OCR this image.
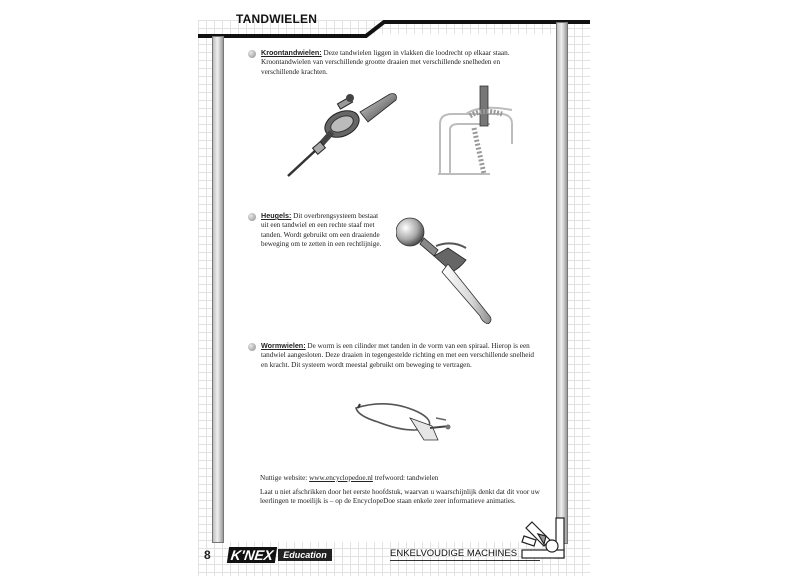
TANDWIELEN
Kroontandwielen: Deze tandwielen liggen in vlakken die loodrecht op elkaar staan. Kroontandwielen van verschillende grootte draaien met verschillende snelheden en verschillende krachten.
Heugels: Dit overbrengsysteem bestaat uit een tandwiel en een rechte staaf met tanden. Wordt gebruikt om een draaiende beweging om te zetten in een rechtlijnige.
Wormwielen: De worm is een cilinder met tanden in de vorm van een spiraal. Hierop is een tandwiel aangesloten. Deze draaien in tegengestelde richting en met een verschillende snelheid en kracht. Dit systeem wordt meestal gebruikt om beweging te vertragen.
Nuttige website: www.encyclopedoe.nl trefwoord: tandwielen
Laat u niet afschrikken door het eerste hoofdstuk, waarvan u waarschijnlijk denkt dat dit voor uw leerlingen te moeilijk is – op de EncyclopeDoe staan enkele zeer informatieve animaties.
8 K'NEX Education	ENKELVOUDIGE MACHINES
